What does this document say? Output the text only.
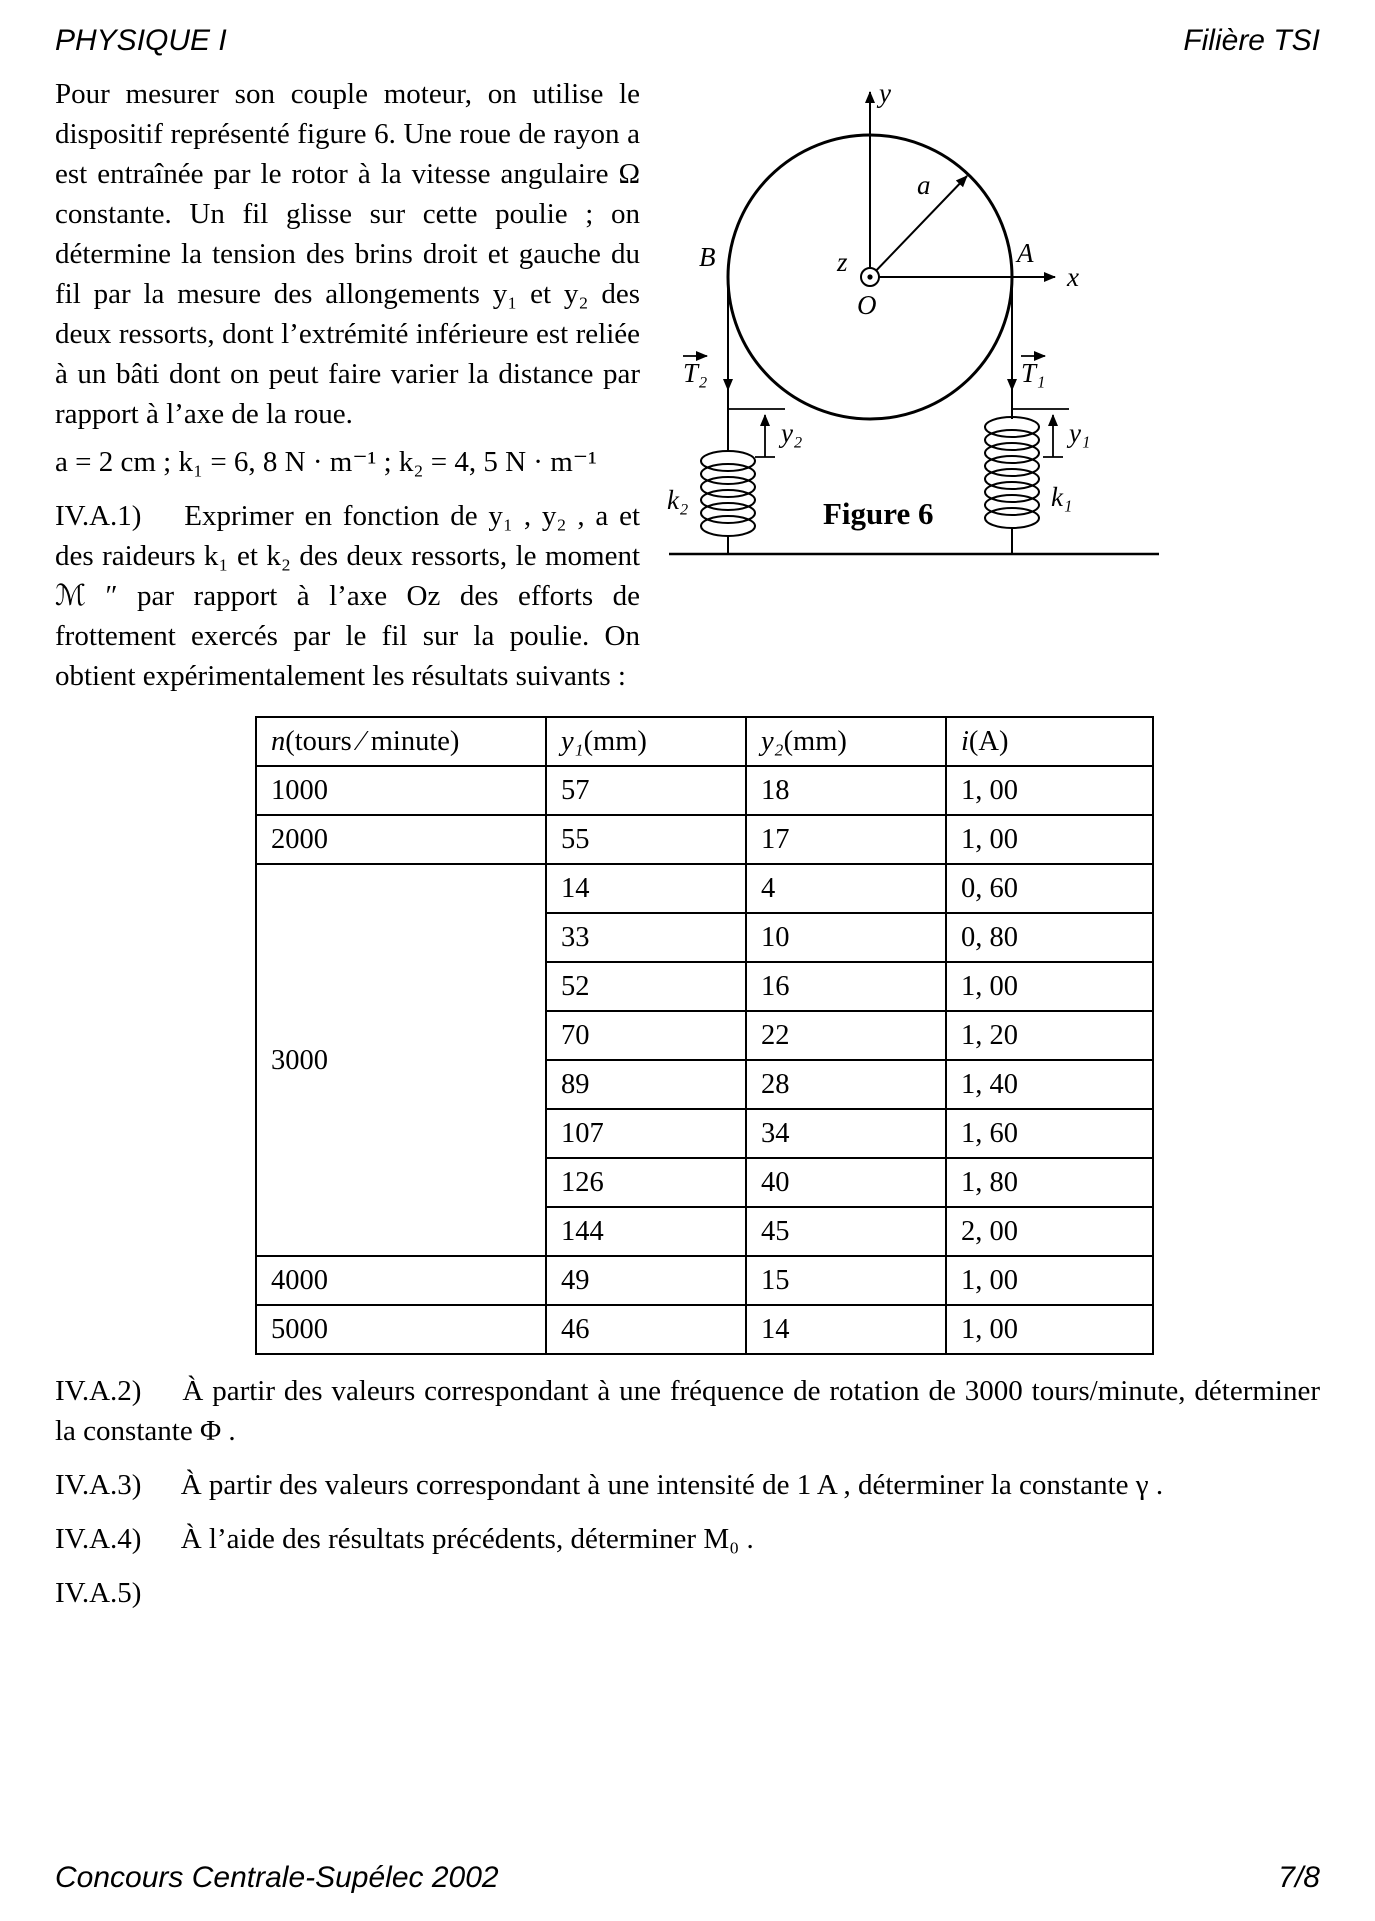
PHYSIQUE I	Filière TSI
y
x
z
O
a
A
B
T₂	T₁
y₂	y₁
k₂	k₁
Figure 6

Pour mesurer son couple moteur, on utilise le dispositif représenté figure 6. Une roue de rayon a est entraînée par le rotor à la vitesse angulaire Ω constante. Un fil glisse sur cette poulie ; on détermine la tension des brins droit et gauche du fil par la mesure des allongements y₁ et y₂ des deux ressorts, dont l’extrémité inférieure est reliée à un bâti dont on peut faire varier la distance par rapport à l’axe de la roue.

a = 2 cm ; k₁ = 6, 8 N · m⁻¹ ; k₂ = 4, 5 N · m⁻¹

IV.A.1) Exprimer en fonction de y₁ , y₂ , a et des raideurs k₁ et k₂ des deux ressorts, le moment ℳ ″ par rapport à l’axe Oz des efforts de frottement exercés par le fil sur la poulie. On obtient expérimentalement les résultats suivants :

n(tours ⁄ minute)	y₁(mm)	y₂(mm)	i(A)
1000	57	18	1, 00
2000	55	17	1, 00
3000	14	4	0, 60
	33	10	0, 80
	52	16	1, 00
	70	22	1, 20
	89	28	1, 40
	107	34	1, 60
	126	40	1, 80
	144	45	2, 00
4000	49	15	1, 00
5000	46	14	1, 00

IV.A.2) À partir des valeurs correspondant à une fréquence de rotation de 3000 tours/minute, déterminer la constante Φ .

IV.A.3) À partir des valeurs correspondant à une intensité de 1 A , déterminer la constante γ .

IV.A.4) À l’aide des résultats précédents, déterminer M₀ .

IV.A.5)

Concours Centrale-Supélec 2002	7/8
